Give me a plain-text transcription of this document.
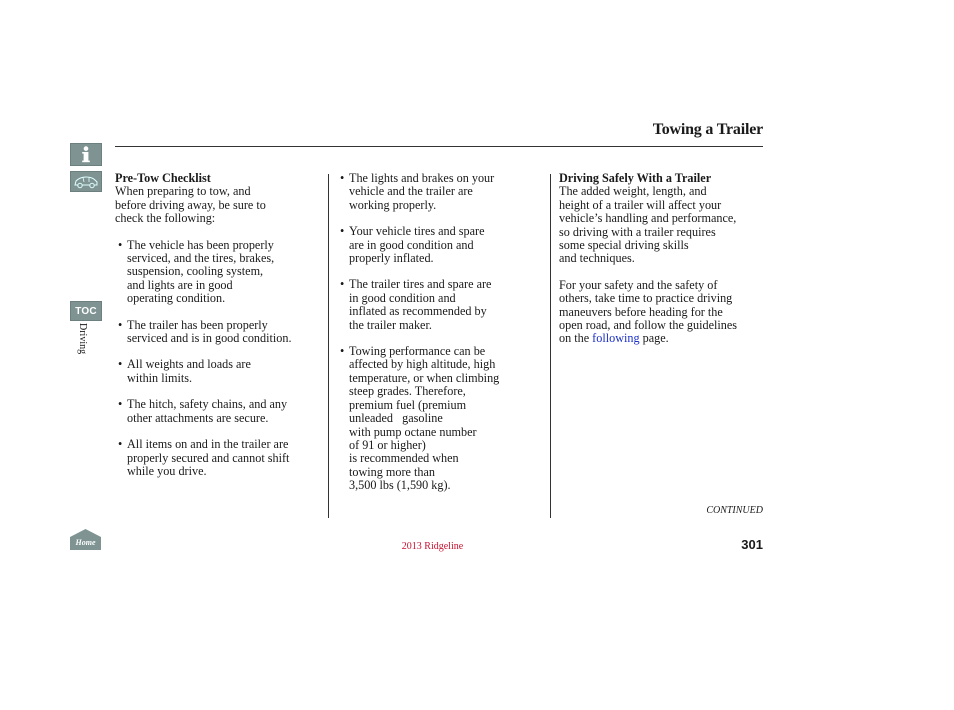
TOC
Driving
Home
Towing a Trailer

Pre-Tow Checklist

When preparing to tow, and
before driving away, be sure to
check the following:

• The vehicle has been properly
serviced, and the tires, brakes,
suspension, cooling system,
and lights are in good
operating condition.

• The trailer has been properly
serviced and is in good condition.

• All weights and loads are
within limits.

• The hitch, safety chains, and any
other attachments are secure.

• All items on and in the trailer are
properly secured and cannot shift
while you drive.

• The lights and brakes on your
vehicle and the trailer are
working properly.

• Your vehicle tires and spare
are in good condition and
properly inflated.

• The trailer tires and spare are
in good condition and
inflated as recommended by
the trailer maker.

• Towing performance can be
affected by high altitude, high
temperature, or when climbing
steep grades. Therefore,
premium fuel (premium
unleaded   gasoline
with pump octane number
of 91 or higher)
is recommended when
towing more than
3,500 lbs (1,590 kg).

Driving Safely With a Trailer

The added weight, length, and
height of a trailer will affect your
vehicle’s handling and performance,
so driving with a trailer requires
some special driving skills
and techniques.

For your safety and the safety of
others, take time to practice driving
maneuvers before heading for the
open road, and follow the guidelines
on the following page.

CONTINUED
301
2013 Ridgeline
